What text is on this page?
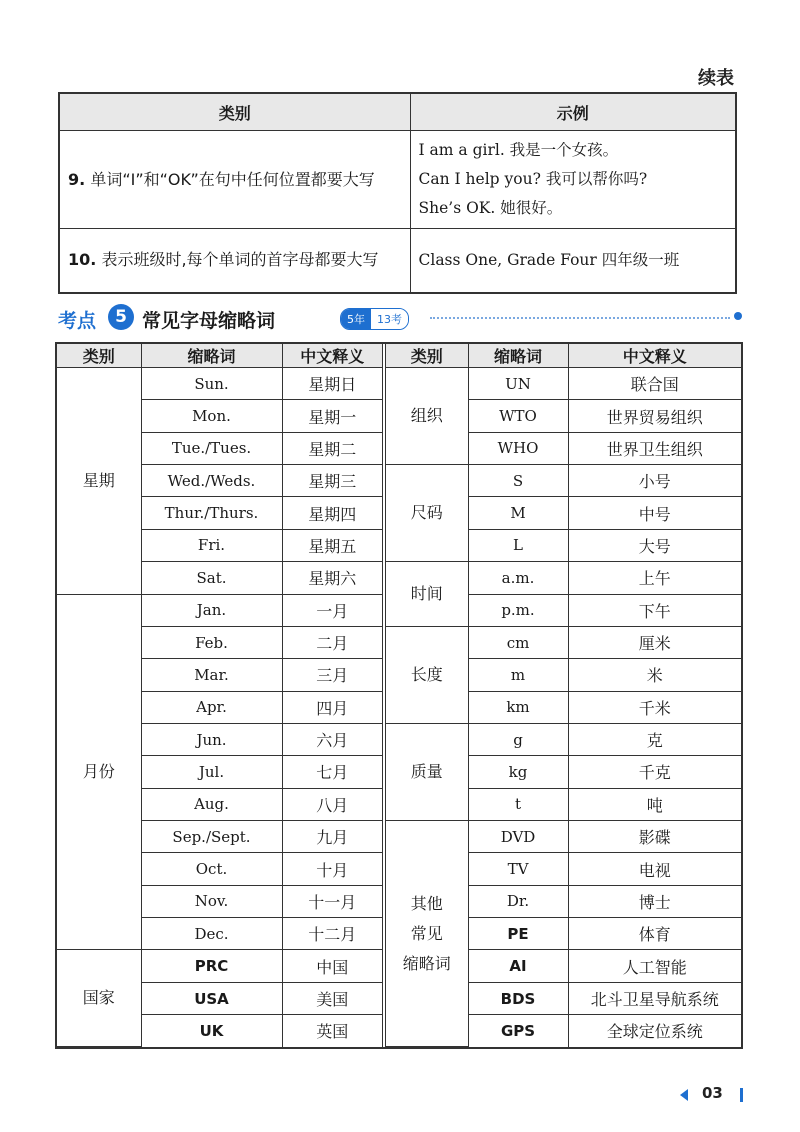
续表
类别	示例

9. 单词“I”和“OK”在句中任何位置都要大写	I am a girl. 我是一个女孩。
Can I help you? 我可以帮你吗?
She’s OK. 她很好。

10. 表示班级时,每个单词的首字母都要大写	Class One, Grade Four 四年级一班
考点	5 常见字母缩略词	5年	13考
类别	缩略词	中文释义
星期	Sun.	星期日
	Mon.	星期一
	Tue./Tues.	星期二
	Wed./Weds.	星期三
	Thur./Thurs.	星期四
	Fri.	星期五
	Sat.	星期六
月份	Jan.	一月
	Feb.	二月
	Mar.	三月
	Apr.	四月
	Jun.	六月
	Jul.	七月
	Aug.	八月
	Sep./Sept.	九月
	Oct.	十月
	Nov.	十一月
	Dec.	十二月
国家	PRC	中国
	USA	美国
	UK	英国
类别	缩略词	中文释义
组织	UN	联合国
	WTO	世界贸易组织
	WHO	世界卫生组织
尺码	S	小号
	M	中号
	L	大号
时间	a.m.	上午
	p.m.	下午
长度	cm	厘米
	m	米
	km	千米
质量	g	克
	kg	千克
	t	吨
其他
常见
缩略词	DVD	影碟
	TV	电视
	Dr.	博士
	PE	体育
	AI	人工智能
	BDS	北斗卫星导航系统
	GPS	全球定位系统
03
